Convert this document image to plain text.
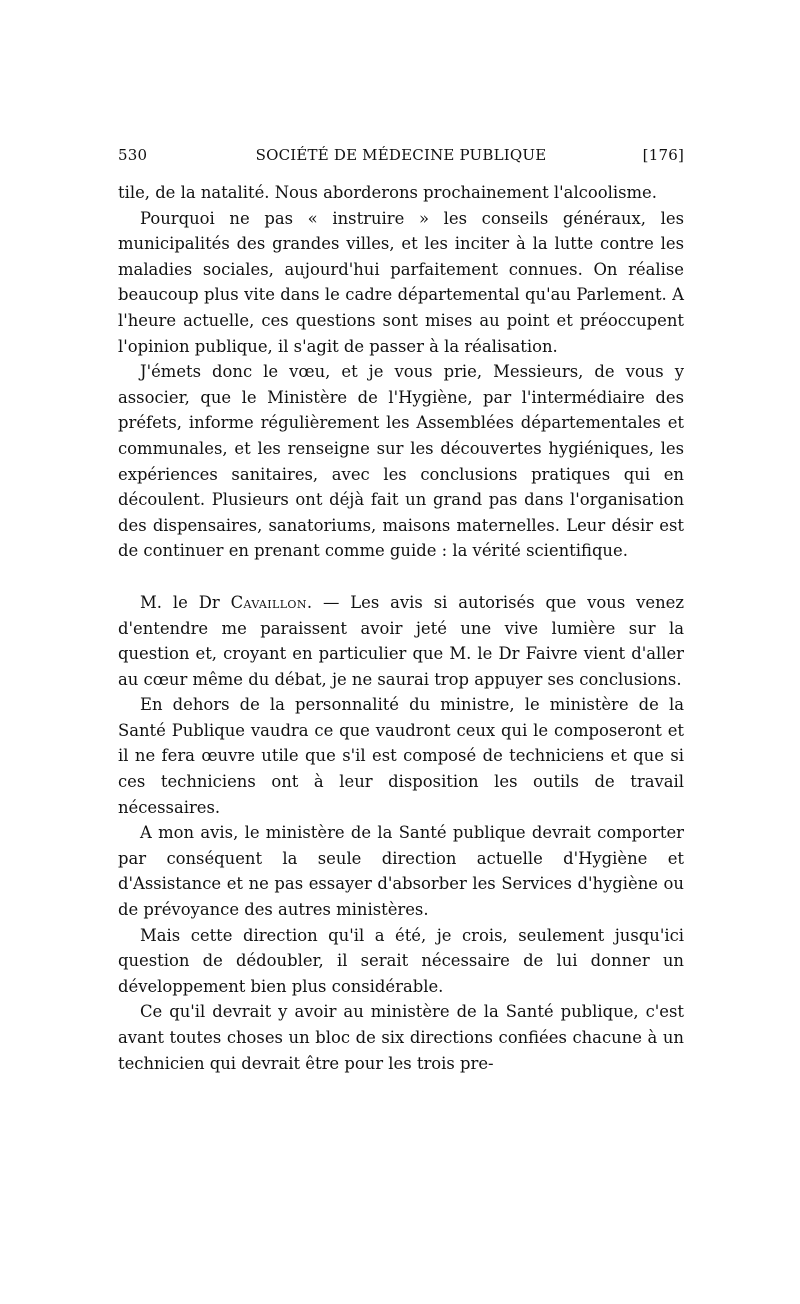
530	SOCIÉTÉ DE MÉDECINE PUBLIQUE	[176]

tile, de la natalité. Nous aborderons prochainement l'alcoolisme.

Pourquoi ne pas « instruire » les conseils généraux, les municipalités des grandes villes, et les inciter à la lutte contre les maladies sociales, aujourd'hui parfaitement connues. On réalise beaucoup plus vite dans le cadre départemental qu'au Parlement. A l'heure actuelle, ces questions sont mises au point et préoccupent l'opinion publique, il s'agit de passer à la réalisation.

J'émets donc le vœu, et je vous prie, Messieurs, de vous y associer, que le Ministère de l'Hygiène, par l'intermédiaire des préfets, informe régulièrement les Assemblées départementales et communales, et les renseigne sur les découvertes hygiéniques, les expériences sanitaires, avec les conclusions pratiques qui en découlent. Plusieurs ont déjà fait un grand pas dans l'organisation des dispensaires, sanatoriums, maisons maternelles. Leur désir est de continuer en prenant comme guide : la vérité scientifique.

M. le Dr Cavaillon. — Les avis si autorisés que vous venez d'entendre me paraissent avoir jeté une vive lumière sur la question et, croyant en particulier que M. le Dr Faivre vient d'aller au cœur même du débat, je ne saurai trop appuyer ses conclusions.

En dehors de la personnalité du ministre, le ministère de la Santé Publique vaudra ce que vaudront ceux qui le composeront et il ne fera œuvre utile que s'il est composé de techniciens et que si ces techniciens ont à leur disposition les outils de travail nécessaires.

A mon avis, le ministère de la Santé publique devrait comporter par conséquent la seule direction actuelle d'Hygiène et d'Assistance et ne pas essayer d'absorber les Services d'hygiène ou de prévoyance des autres ministères.

Mais cette direction qu'il a été, je crois, seulement jusqu'ici question de dédoubler, il serait nécessaire de lui donner un développement bien plus considérable.

Ce qu'il devrait y avoir au ministère de la Santé publique, c'est avant toutes choses un bloc de six directions confiées chacune à un technicien qui devrait être pour les trois pre-
